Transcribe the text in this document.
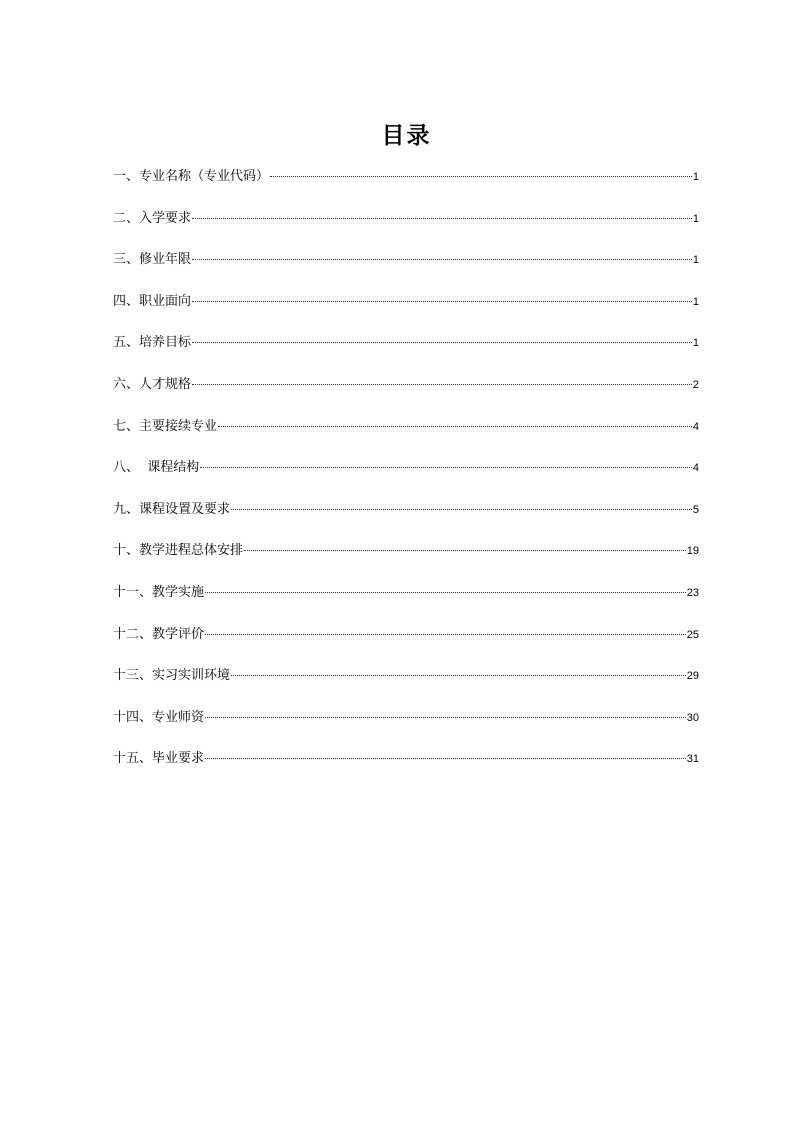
目录
一、专业名称（专业代码）	1
二、入学要求	1
三、修业年限	1
四、职业面向	1
五、培养目标	1
六、人才规格	2
七、主要接续专业	4
八、  课程结构	4
九、课程设置及要求	5
十、教学进程总体安排	19
十一、教学实施	23
十二、教学评价	25
十三、实习实训环境	29
十四、专业师资	30
十五、毕业要求	31
